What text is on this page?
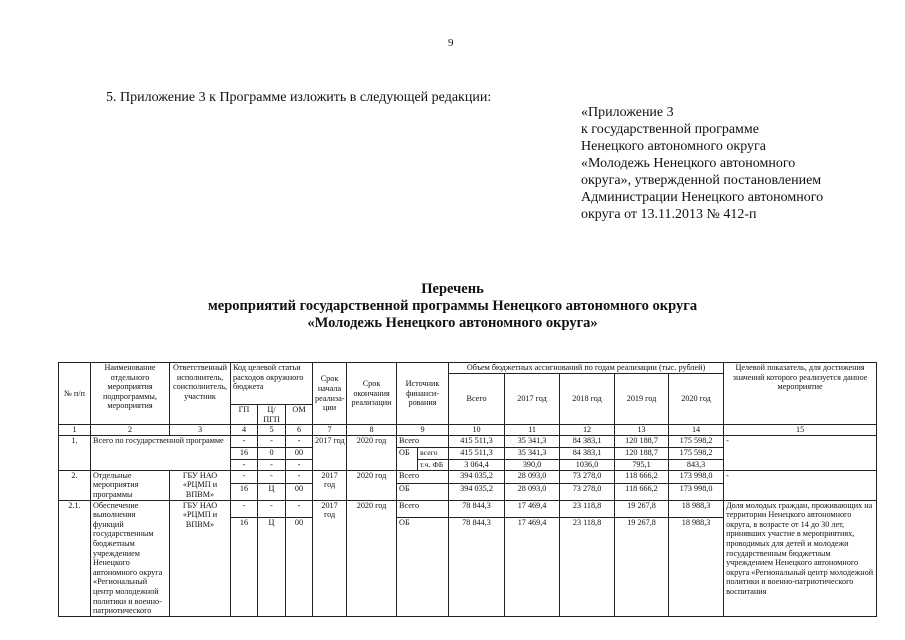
9
5. Приложение 3 к Программе изложить в следующей редакции:
«Приложение 3
к государственной программе
Ненецкого автономного округа
«Молодежь Ненецкого автономного
округа», утвержденной постановлением
Администрации Ненецкого автономного
округа от 13.11.2013 № 412-п
Перечень
мероприятий государственной программы Ненецкого автономного округа
«Молодежь Ненецкого автономного округа»
№ п/п	Наименование отдельного мероприятия подпрограммы, мероприятия	Ответственный исполнитель, соисполнитель, участник	Код целевой статьи расходов окружного бюджета			Срок начала реализа-ции	Срок окончания реализации	Источник финанси-рования		Объем бюджетных ассигнований по годам реализации (тыс. рублей)					Целевой показатель, для достижения значений которого реализуется данное мероприятие
										Всего	2017 год	2018 год	2019 год	2020 год	
			ГП	Ц/ПГП	ОМ										
1	2	3	4	5	6	7	8	9		10	11	12	13	14	15
1.	Всего по государственной программе		-	-	-	2017 год	2020 год	Всего		415 511,3	35 341,3	84 383,1	120 188,7	175 598,2	-
			16	0	00			ОБ	всего	415 511,3	35 341,3	84 383,1	120 188,7	175 598,2	
			-	-	-				т.ч. ФБ	3 064,4	390,0	1036,0	795,1	843,3	
2.	Отдельные мероприятия программы	ГБУ НАО «РЦМП и ВПВМ»	-	-	-	2017 год	2020 год	Всего		394 035,2	28 093,0	73 278,0	118 666,2	173 998,0	-
			16	Ц	00			ОБ		394 035,2	28 093,0	73 278,0	118 666,2	173 998,0	
2.1.	Обеспечение выполнения функций государственным бюджетным учреждением Ненецкого автономного округа «Региональный центр молодежной политики и военно-патриотического	ГБУ НАО «РЦМП и ВПВМ»	-	-	-	2017 год	2020 год	Всего		78 844,3	17 469,4	23 118,8	19 267,8	18 988,3	Доля молодых граждан, проживающих на территории Ненецкого автономного округа, в возрасте от 14 до 30 лет, принявших участие в мероприятиях, проводимых для детей и молодежи государственным бюджетным учреждением Ненецкого автономного округа «Региональный центр молодежной политики и военно-патриотического воспитания
			16	Ц	00			ОБ		78 844,3	17 469,4	23 118,8	19 267,8	18 988,3	
